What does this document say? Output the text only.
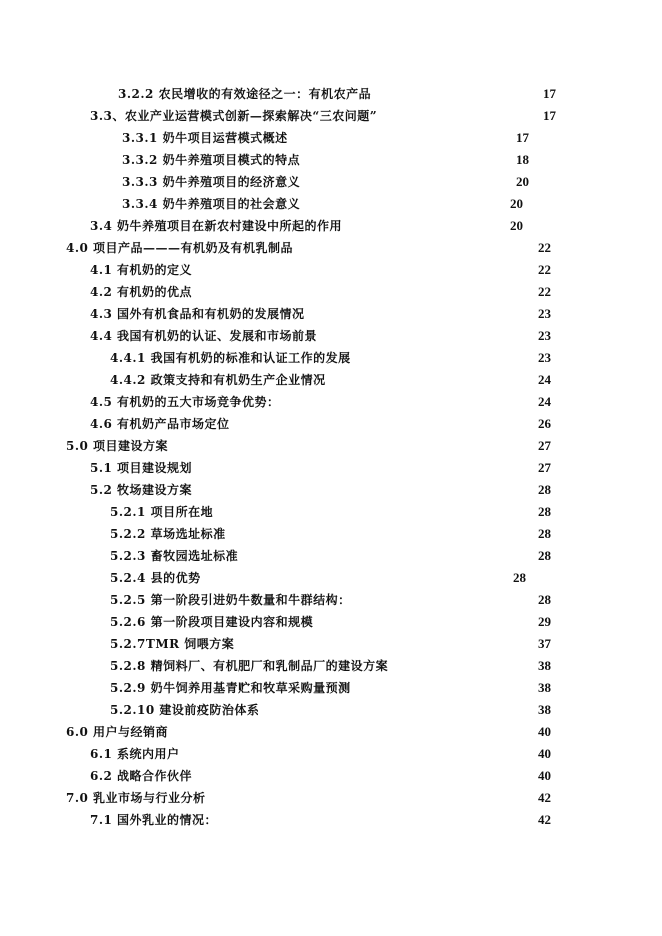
3.2.2 农民增收的有效途径之一：有机农产品	17
3.3、农业产业运营模式创新—探索解决“三农问题”	17
3.3.1 奶牛项目运营模式概述	17
3.3.2 奶牛养殖项目模式的特点	18
3.3.3 奶牛养殖项目的经济意义	20
3.3.4 奶牛养殖项目的社会意义	20
3.4 奶牛养殖项目在新农村建设中所起的作用	20
4.0 项目产品———有机奶及有机乳制品	22
4.1 有机奶的定义	22
4.2 有机奶的优点	22
4.3 国外有机食品和有机奶的发展情况	23
4.4 我国有机奶的认证、发展和市场前景	23
4.4.1 我国有机奶的标准和认证工作的发展	23
4.4.2 政策支持和有机奶生产企业情况	24
4.5 有机奶的五大市场竞争优势：	24
4.6 有机奶产品市场定位	26
5.0 项目建设方案	27
5.1 项目建设规划	27
5.2 牧场建设方案	28
5.2.1 项目所在地	28
5.2.2 草场选址标准	28
5.2.3 畜牧园选址标准	28
5.2.4 县的优势	28
5.2.5 第一阶段引进奶牛数量和牛群结构：	28
5.2.6 第一阶段项目建设内容和规模	29
5.2.7TMR 饲喂方案	37
5.2.8 精饲料厂、有机肥厂和乳制品厂的建设方案	38
5.2.9 奶牛饲养用基青贮和牧草采购量预测	38
5.2.10 建设前疫防治体系	38
6.0 用户与经销商	40
6.1 系统内用户	40
6.2 战略合作伙伴	40
7.0 乳业市场与行业分析	42
7.1 国外乳业的情况：	42
